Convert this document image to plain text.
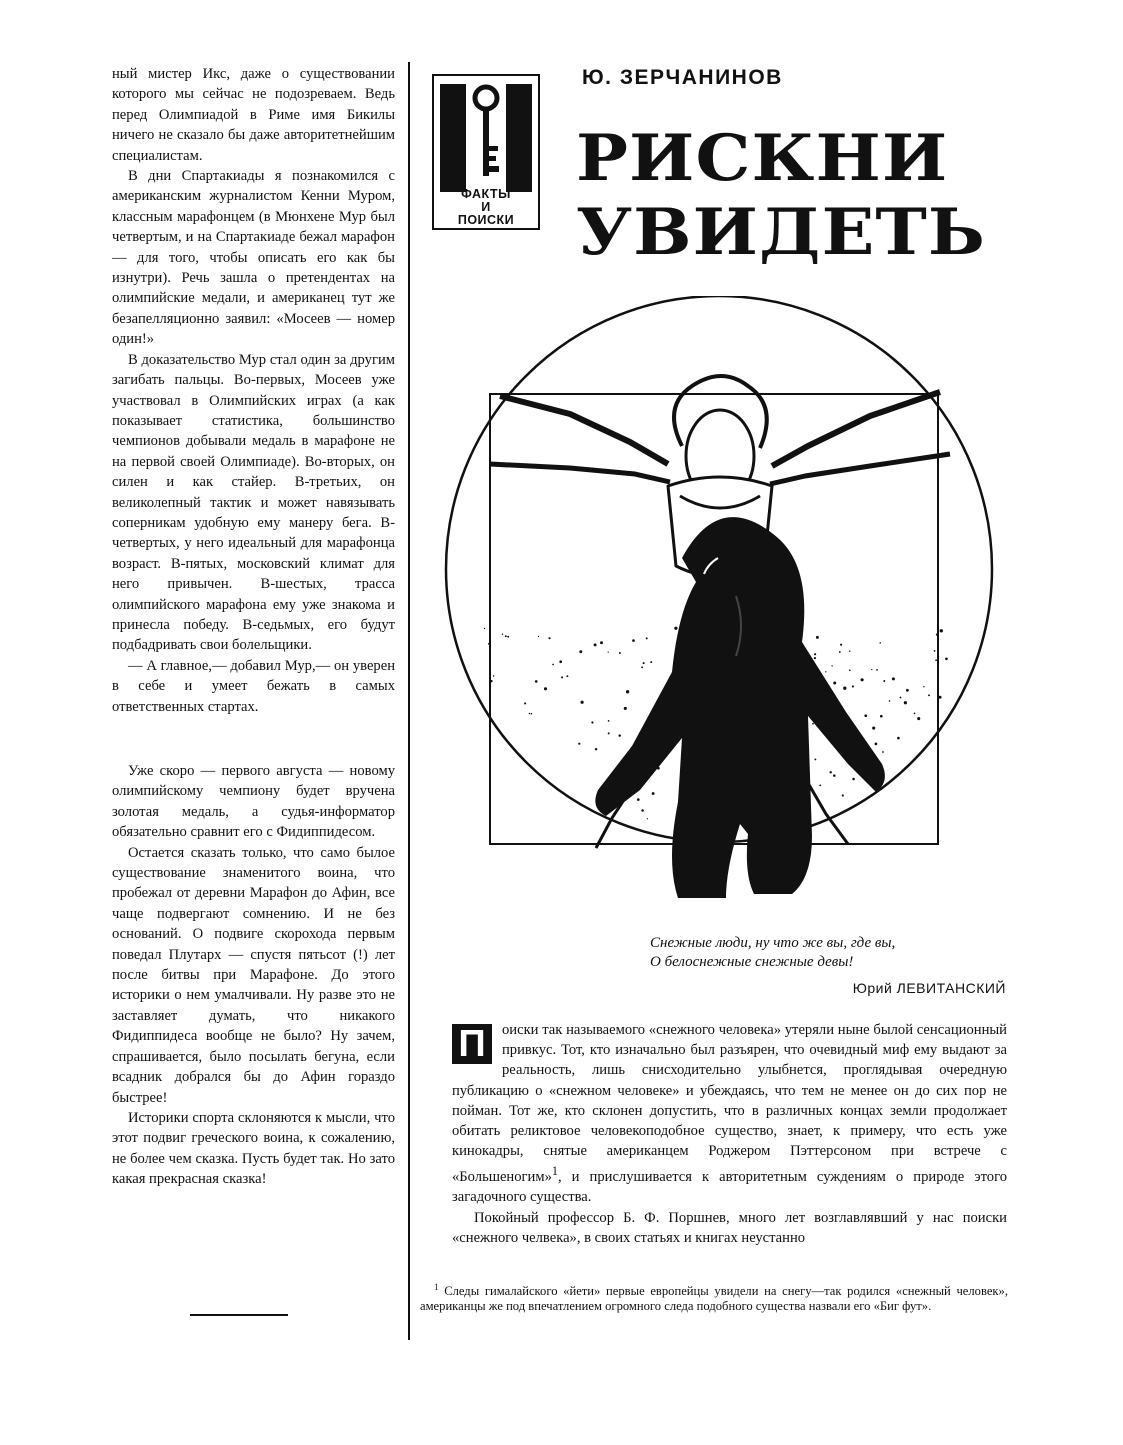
ный мистер Икс, даже о существовании которого мы сейчас не подозреваем. Ведь перед Олимпиадой в Риме имя Бикилы ничего не сказало бы даже авторитетнейшим специалистам.

В дни Спартакиады я познакомился с американским журналистом Кенни Муром, классным марафонцем (в Мюнхене Мур был четвертым, и на Спартакиаде бежал марафон — для того, чтобы описать его как бы изнутри). Речь зашла о претендентах на олимпийские медали, и американец тут же безапелляционно заявил: «Мосеев — номер один!»

В доказательство Мур стал один за другим загибать пальцы. Во-первых, Мосеев уже участвовал в Олимпийских играх (а как показывает статистика, большинство чемпионов добывали медаль в марафоне не на первой своей Олимпиаде). Во-вторых, он силен и как стайер. В-третьих, он великолепный тактик и может навязывать соперникам удобную ему манеру бега. В-четвертых, у него идеальный для марафонца возраст. В-пятых, московский климат для него привычен. В-шестых, трасса олимпийского марафона ему уже знакома и принесла победу. В-седьмых, его будут подбадривать свои болельщики.

— А главное,— добавил Мур,— он уверен в себе и умеет бежать в самых ответственных стартах.

Уже скоро — первого августа — новому олимпийскому чемпиону будет вручена золотая медаль, а судья-информатор обязательно сравнит его с Фидиппидесом.

Остается сказать только, что само былое существование знаменитого воина, что пробежал от деревни Марафон до Афин, все чаще подвергают сомнению. И не без оснований. О подвиге скорохода первым поведал Плутарх — спустя пятьсот (!) лет после битвы при Марафоне. До этого историки о нем умалчивали. Ну разве это не заставляет думать, что никакого Фидиппидеса вообще не было? Ну зачем, спрашивается, было посылать бегуна, если всадник добрался бы до Афин гораздо быстрее!

Историки спорта склоняются к мысли, что этот подвиг греческого воина, к сожалению, не более чем сказка. Пусть будет так. Но зато какая прекрасная сказка!

ФАКТЫ
И
ПОИСКИ
Ю. ЗЕРЧАНИНОВ
РИСКНИ
УВИДЕТЬ
Снежные люди, ну что же вы, где вы,
О белоснежные снежные девы!
Юрий ЛЕВИТАНСКИЙ

П	оиски так называемого «снежного человека» утеряли ныне былой сенсационный привкус. Тот, кто изначально был разъярен, что очевидный миф ему выдают за реальность, лишь снисходительно улыбнется, проглядывая очередную публикацию о «снежном человеке» и убеждаясь, что тем не менее он до сих пор не пойман. Тот же, кто склонен допустить, что в различных концах земли продолжает обитать реликтовое человекоподобное существо, знает, к примеру, что есть уже кинокадры, снятые американцем Роджером Пэттерсоном при встрече с «Большеногим»$^1$, и прислушивается к авторитетным суждениям о природе этого загадочного существа.

Покойный профессор Б. Ф. Поршнев, много лет возглавлявший у нас поиски «снежного челвека», в своих статьях и книгах неустанно

$^1$ Следы гималайского «йети» первые европейцы увидели на снегу—так родился «снежный человек», американцы же под впечатлением огромного следа подобного существа назвали его «Биг фут».
